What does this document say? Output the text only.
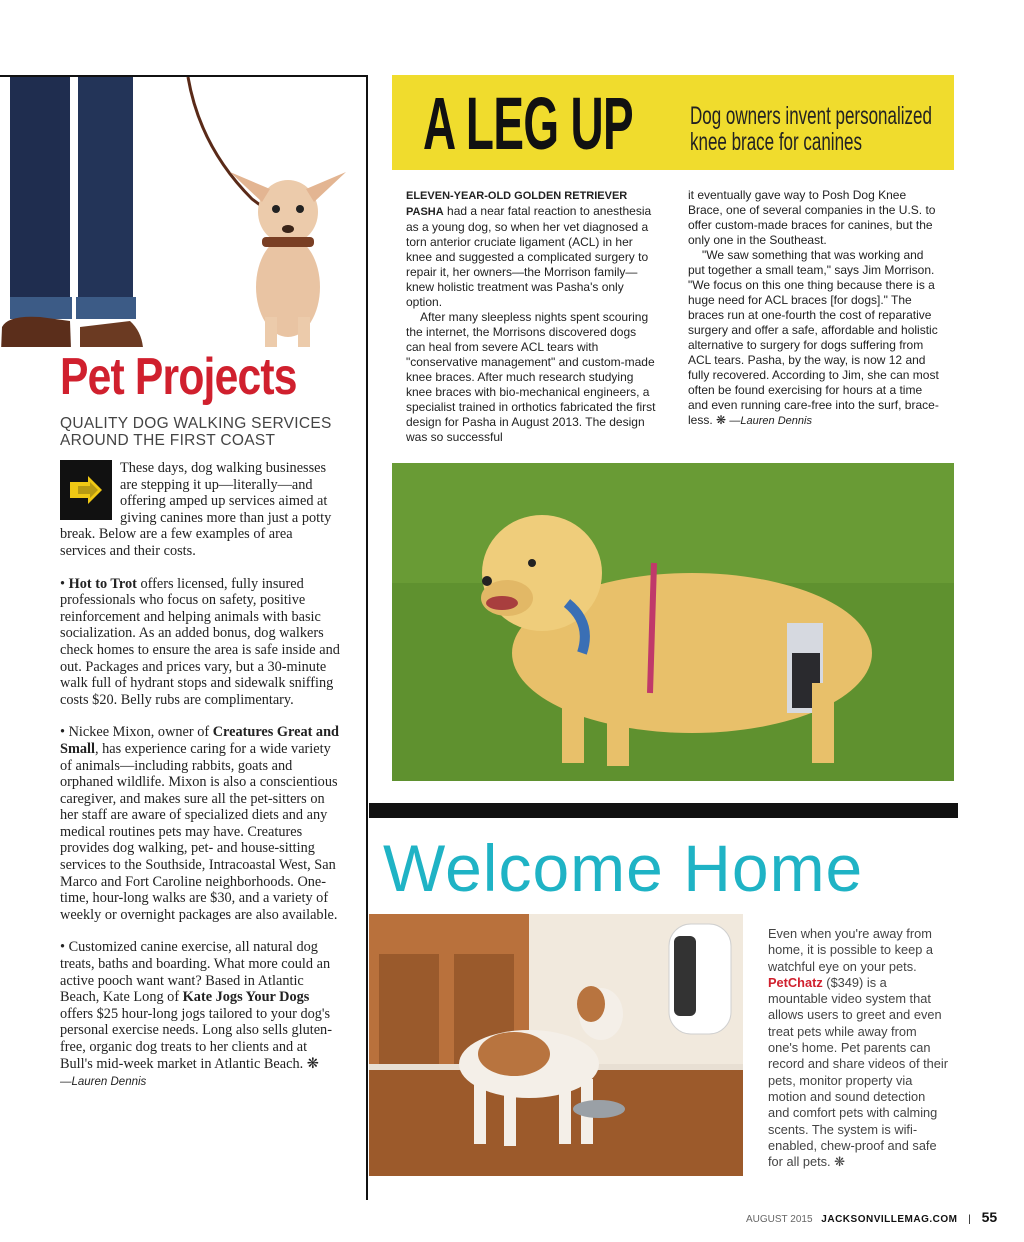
Pet Projects
QUALITY DOG WALKING SERVICES AROUND THE FIRST COAST

These days, dog walking businesses are stepping it up—literally—and offering amped up services aimed at giving canines more than just a potty break. Below are a few examples of area services and their costs.

• Hot to Trot offers licensed, fully insured professionals who focus on safety, positive reinforcement and helping animals with basic socialization. As an added bonus, dog walkers check homes to ensure the area is safe inside and out. Packages and prices vary, but a 30-minute walk full of hydrant stops and sidewalk sniffing costs $20. Belly rubs are complimentary.

• Nickee Mixon, owner of Creatures Great and Small, has experience caring for a wide variety of animals—including rabbits, goats and orphaned wildlife. Mixon is also a conscientious caregiver, and makes sure all the pet-sitters on her staff are aware of specialized diets and any medical routines pets may have. Creatures provides dog walking, pet- and house-sitting services to the Southside, Intracoastal West, San Marco and Fort Caroline neighborhoods. One-time, hour-long walks are $30, and a variety of weekly or overnight packages are also available.

• Customized canine exercise, all natural dog treats, baths and boarding. What more could an active pooch want want? Based in Atlantic Beach, Kate Long of Kate Jogs Your Dogs offers $25 hour-long jogs tailored to your dog's personal exercise needs. Long also sells gluten-free, organic dog treats to her clients and at Bull's mid-week market in Atlantic Beach. ❋

—Lauren Dennis
A LEG UP Dog owners invent personalized
knee brace for canines

ELEVEN-YEAR-OLD GOLDEN RETRIEVER PASHA had a near fatal reaction to anesthesia as a young dog, so when her vet diagnosed a torn anterior cruciate ligament (ACL) in her knee and suggested a complicated surgery to repair it, her owners—the Morrison family—knew holistic treatment was Pasha's only option.

After many sleepless nights spent scouring the internet, the Morrisons discovered dogs can heal from severe ACL tears with "conservative management" and custom-made knee braces. After much research studying knee braces with bio-mechanical engineers, a specialist trained in orthotics fabricated the first design for Pasha in August 2013. The design was so successful

it eventually gave way to Posh Dog Knee Brace, one of several companies in the U.S. to offer custom-made braces for canines, but the only one in the Southeast.

"We saw something that was working and put together a small team," says Jim Morrison. "We focus on this one thing because there is a huge need for ACL braces [for dogs]." The braces run at one-fourth the cost of reparative surgery and offer a safe, affordable and holistic alternative to surgery for dogs suffering from ACL tears. Pasha, by the way, is now 12 and fully recovered. According to Jim, she can most often be found exercising for hours at a time and even running care-free into the surf, brace-less. ❋ —Lauren Dennis

Welcome Home
Even when you're away from home, it is possible to keep a watchful eye on your pets. PetChatz ($349) is a mountable video system that allows users to greet and even treat pets while away from one's home. Pet parents can record and share videos of their pets, monitor property via motion and sound detection and comfort pets with calming scents. The system is wifi-enabled, chew-proof and safe for all pets. ❋
AUGUST 2015 JACKSONVILLEMAG.COM | 55
